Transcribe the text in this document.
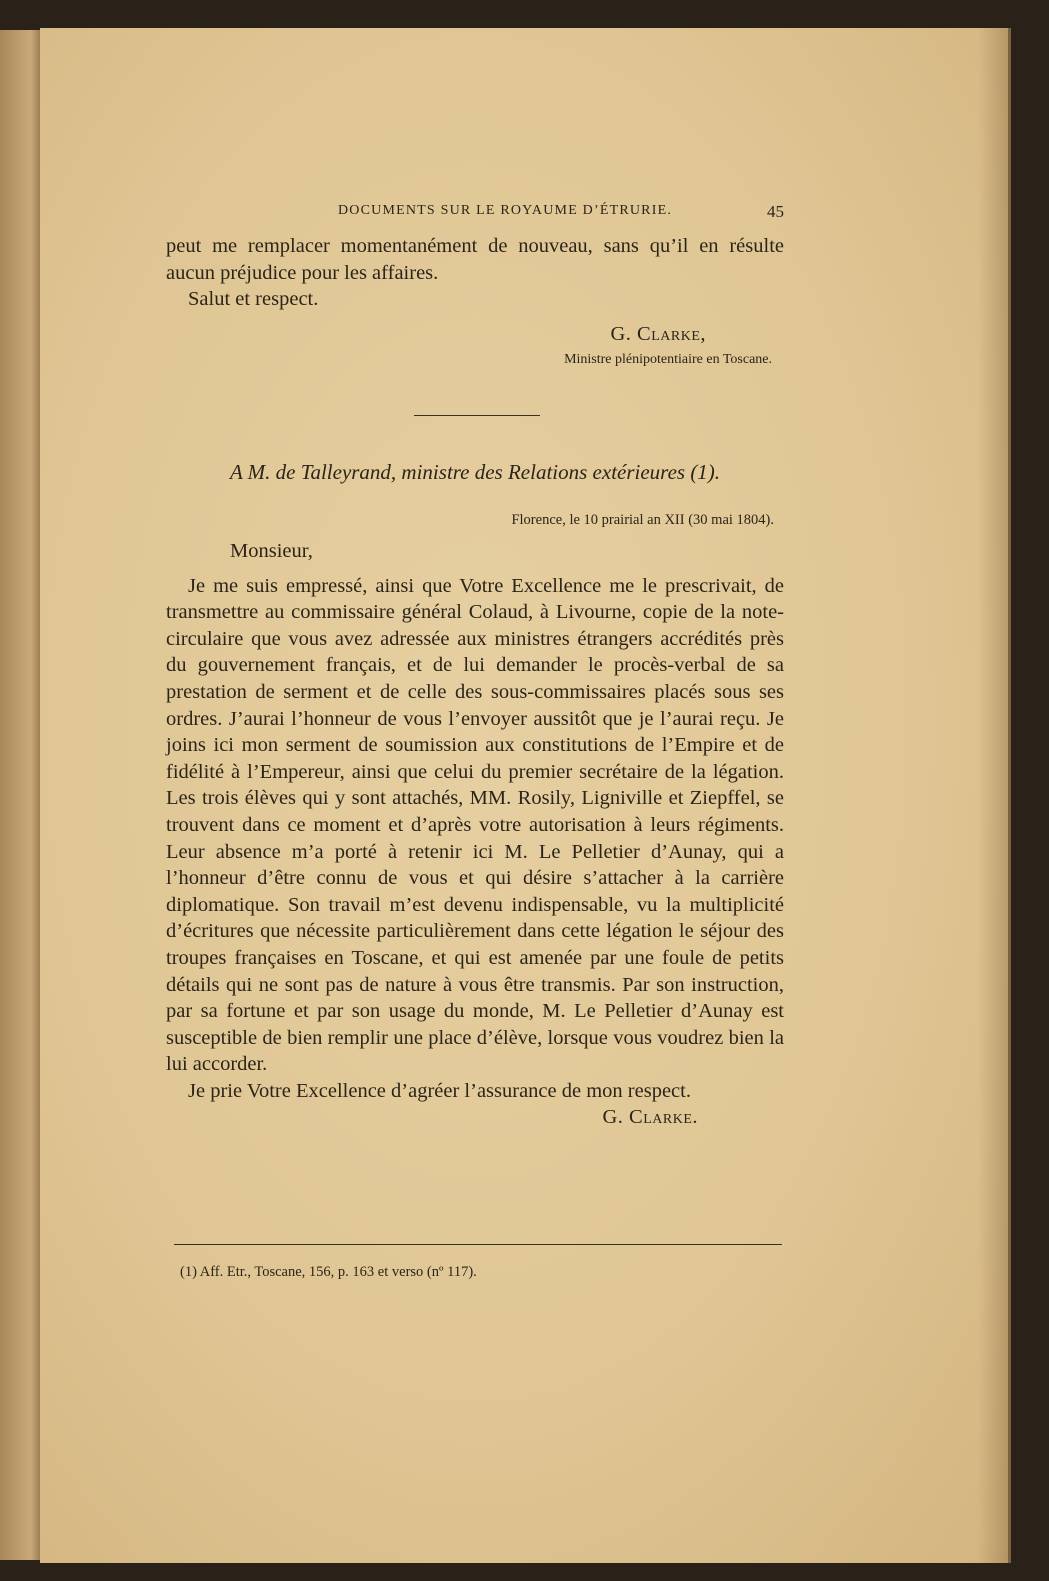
DOCUMENTS SUR LE ROYAUME D’ÉTRURIE.	45

peut me remplacer momentanément de nouveau, sans qu’il en résulte aucun préjudice pour les affaires.

Salut et respect.

G. Clarke,

Ministre plénipotentiaire en Toscane.

A M. de Talleyrand, ministre des Relations extérieures (1).
Florence, le 10 prairial an XII (30 mai 1804).

Monsieur,

Je me suis empressé, ainsi que Votre Excellence me le prescrivait, de transmettre au commissaire général Colaud, à Livourne, copie de la note-circulaire que vous avez adressée aux ministres étrangers accrédités près du gouvernement français, et de lui demander le procès-verbal de sa prestation de serment et de celle des sous-commissaires placés sous ses ordres. J’aurai l’honneur de vous l’envoyer aussitôt que je l’aurai reçu. Je joins ici mon serment de soumission aux constitutions de l’Empire et de fidélité à l’Empereur, ainsi que celui du premier secrétaire de la légation. Les trois élèves qui y sont attachés, MM. Rosily, Ligniville et Ziepffel, se trouvent dans ce moment et d’après votre autorisation à leurs régiments. Leur absence m’a porté à retenir ici M. Le Pelletier d’Aunay, qui a l’honneur d’être connu de vous et qui désire s’attacher à la carrière diplomatique. Son travail m’est devenu indispensable, vu la multiplicité d’écritures que nécessite particulièrement dans cette légation le séjour des troupes françaises en Toscane, et qui est amenée par une foule de petits détails qui ne sont pas de nature à vous être transmis. Par son instruction, par sa fortune et par son usage du monde, M. Le Pelletier d’Aunay est susceptible de bien remplir une place d’élève, lorsque vous voudrez bien la lui accorder.

Je prie Votre Excellence d’agréer l’assurance de mon respect.

G. Clarke.

(1) Aff. Etr., Toscane, 156, p. 163 et verso (nº 117).
